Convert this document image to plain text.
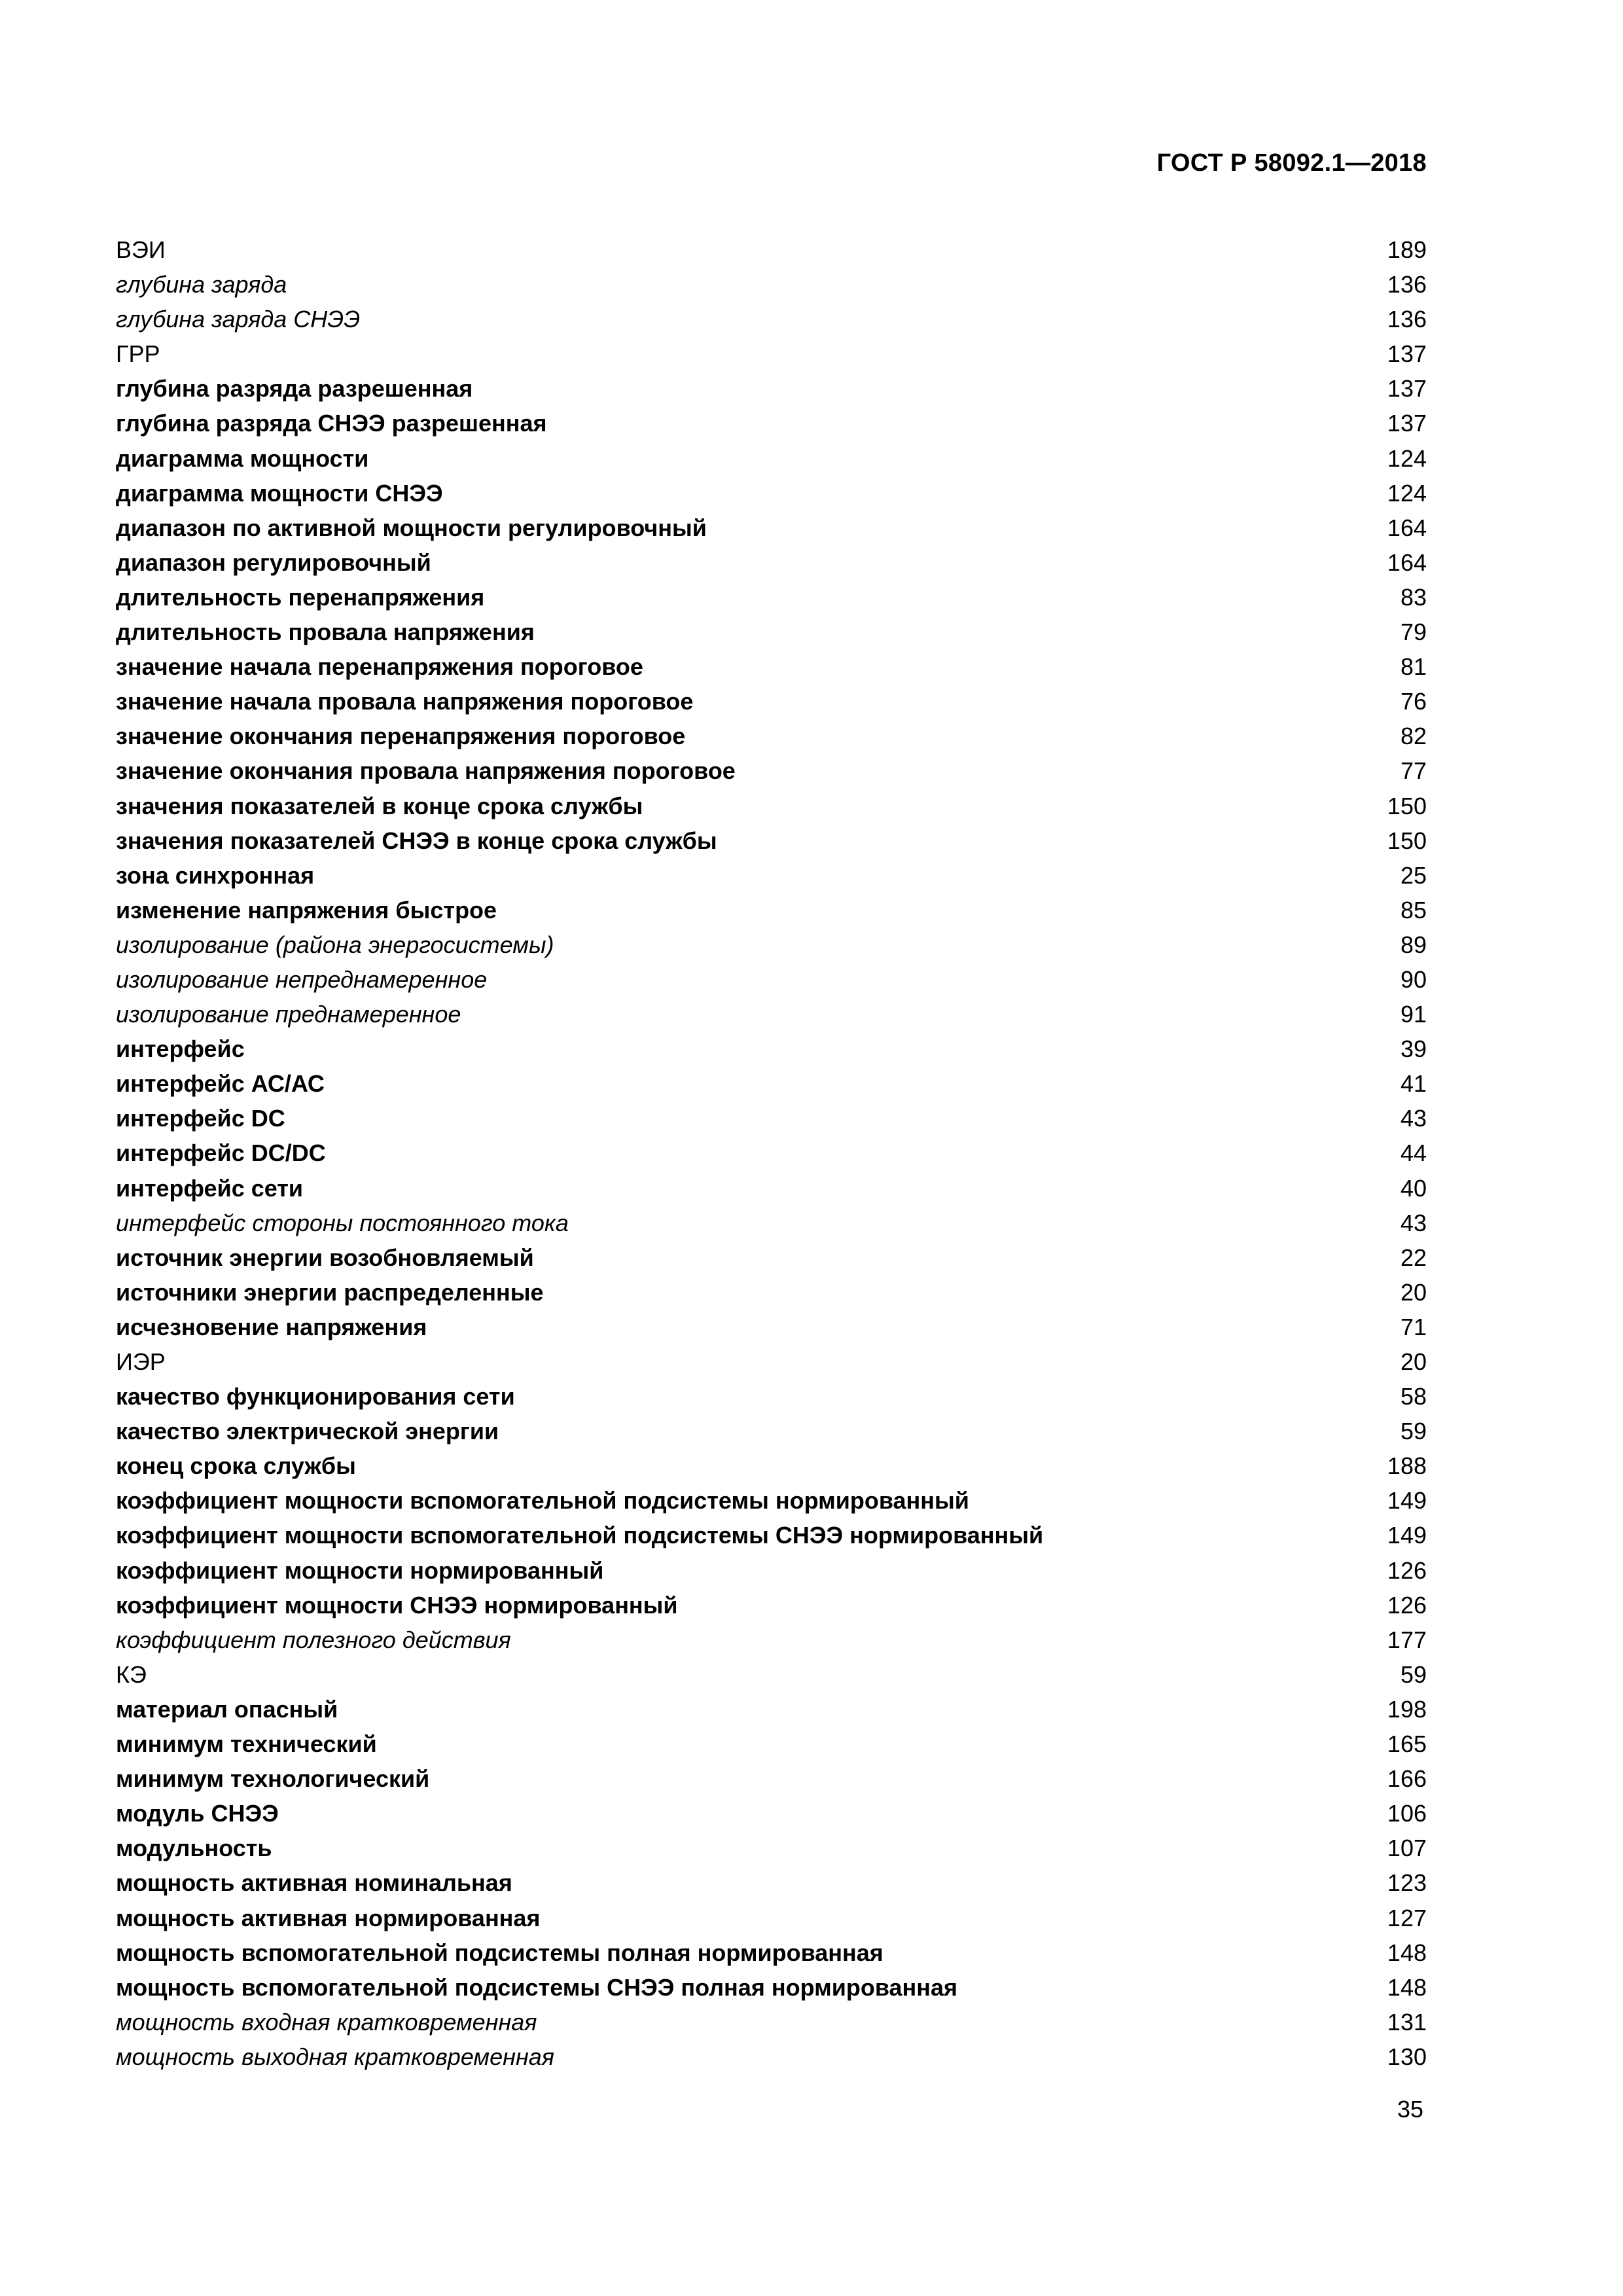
ГОСТ Р 58092.1—2018
ВЭИ	189
глубина заряда	136
глубина заряда СНЭЭ	136
ГРР	137
глубина разряда разрешенная	137
глубина разряда СНЭЭ разрешенная	137
диаграмма мощности	124
диаграмма мощности СНЭЭ	124
диапазон по активной мощности регулировочный	164
диапазон регулировочный	164
длительность перенапряжения	83
длительность провала напряжения	79
значение начала перенапряжения пороговое	81
значение начала провала напряжения пороговое	76
значение окончания перенапряжения пороговое	82
значение окончания провала напряжения пороговое	77
значения показателей в конце срока службы	150
значения показателей СНЭЭ в конце срока службы	150
зона синхронная	25
изменение напряжения быстрое	85
изолирование (района энергосистемы)	89
изолирование непреднамеренное	90
изолирование преднамеренное	91
интерфейс	39
интерфейс АС/АС	41
интерфейс DC	43
интерфейс DC/DC	44
интерфейс сети	40
интерфейс стороны постоянного тока	43
источник энергии возобновляемый	22
источники энергии распределенные	20
исчезновение напряжения	71
ИЭР	20
качество функционирования сети	58
качество электрической энергии	59
конец срока службы	188
коэффициент мощности вспомогательной подсистемы нормированный	149
коэффициент мощности вспомогательной подсистемы СНЭЭ нормированный	149
коэффициент мощности нормированный	126
коэффициент мощности СНЭЭ нормированный	126
коэффициент полезного действия	177
КЭ	59
материал опасный	198
минимум технический	165
минимум технологический	166
модуль СНЭЭ	106
модульность	107
мощность активная номинальная	123
мощность активная нормированная	127
мощность вспомогательной подсистемы полная нормированная	148
мощность вспомогательной подсистемы СНЭЭ полная нормированная	148
мощность входная кратковременная	131
мощность выходная кратковременная	130
35
